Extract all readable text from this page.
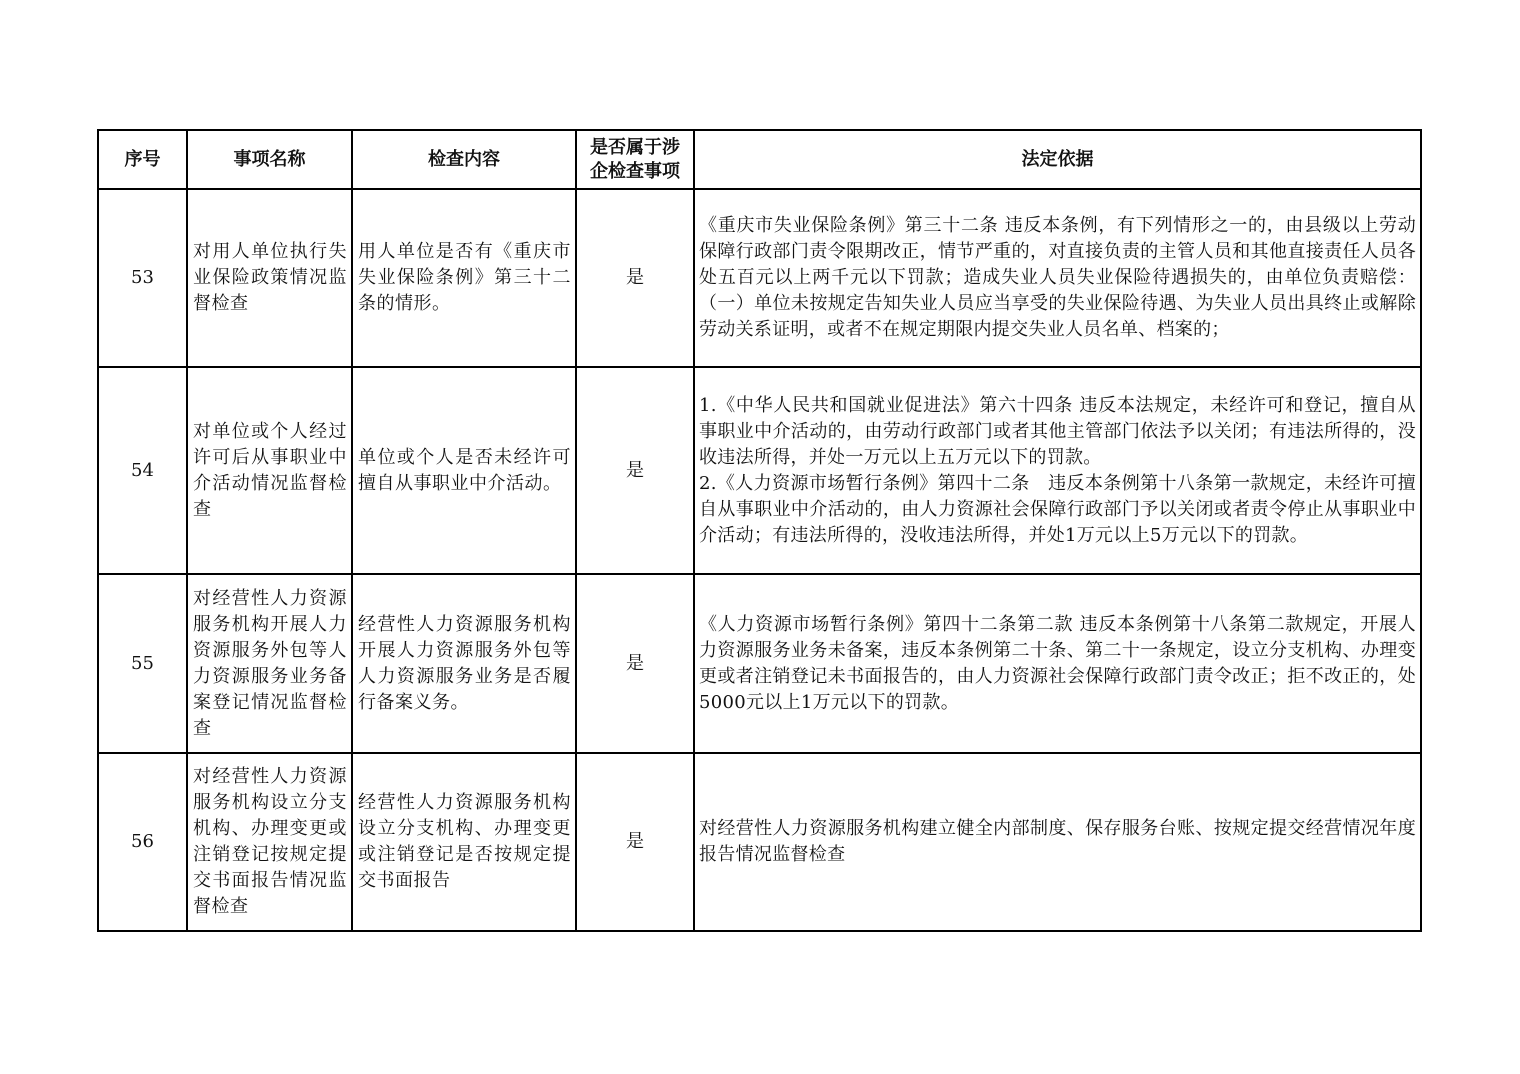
序号	事项名称	检查内容	是否属于涉企检查事项	法定依据
53	对用人单位执行失业保险政策情况监督检查	用人单位是否有《重庆市失业保险条例》第三十二条的情形。	是	《重庆市失业保险条例》第三十二条 违反本条例，有下列情形之一的，由县级以上劳动保障行政部门责令限期改正，情节严重的，对直接负责的主管人员和其他直接责任人员各处五百元以上两千元以下罚款；造成失业人员失业保险待遇损失的，由单位负责赔偿：（一）单位未按规定告知失业人员应当享受的失业保险待遇、为失业人员出具终止或解除劳动关系证明，或者不在规定期限内提交失业人员名单、档案的；

54	对单位或个人经过许可后从事职业中介活动情况监督检查	单位或个人是否未经许可擅自从事职业中介活动。	是	1.《中华人民共和国就业促进法》第六十四条 违反本法规定，未经许可和登记，擅自从事职业中介活动的，由劳动行政部门或者其他主管部门依法予以关闭；有违法所得的，没收违法所得，并处一万元以上五万元以下的罚款。
2.《人力资源市场暂行条例》第四十二条　违反本条例第十八条第一款规定，未经许可擅自从事职业中介活动的，由人力资源社会保障行政部门予以关闭或者责令停止从事职业中介活动；有违法所得的，没收违法所得，并处1万元以上5万元以下的罚款。

55	对经营性人力资源服务机构开展人力资源服务外包等人力资源服务业务备案登记情况监督检查	经营性人力资源服务机构开展人力资源服务外包等人力资源服务业务是否履行备案义务。	是	《人力资源市场暂行条例》第四十二条第二款 违反本条例第十八条第二款规定，开展人力资源服务业务未备案，违反本条例第二十条、第二十一条规定，设立分支机构、办理变更或者注销登记未书面报告的，由人力资源社会保障行政部门责令改正；拒不改正的，处5000元以上1万元以下的罚款。

56	对经营性人力资源服务机构设立分支机构、办理变更或注销登记按规定提交书面报告情况监督检查	经营性人力资源服务机构设立分支机构、办理变更或注销登记是否按规定提交书面报告	是	对经营性人力资源服务机构建立健全内部制度、保存服务台账、按规定提交经营情况年度报告情况监督检查
